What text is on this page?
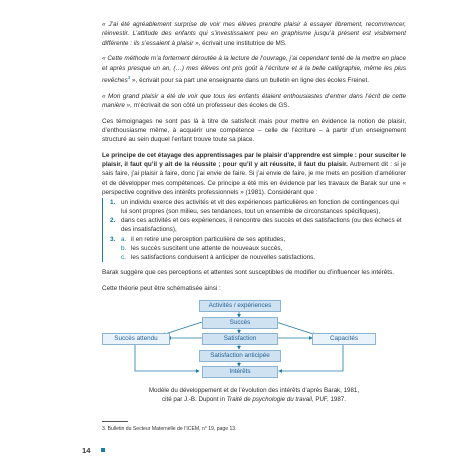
« J’ai été agréablement surprise de voir mes élèves prendre plaisir à essayer librement, recommencer, réinvestir. L’attitude des enfants qui s’investissaient peu en graphisme jusqu’à présent est visiblement différente : ils s’essaient à plaisir », écrivait une institutrice de MS.

« Cette méthode m’a fortement déroutée à la lecture de l’ouvrage, j’ai cependant tenté de la mettre en place et après presque un an, (…) mes élèves ont pris goût à l’écriture et à la belle calligraphie, même les plus revêches$^3$ », écrivait pour sa part une enseignante dans un bulletin en ligne des écoles Freinet.

« Mon grand plaisir a été de voir que tous les enfants étaient enthousiastes d’entrer dans l’écrit de cette manière », m’écrivait de son côté un professeur des écoles de GS.

Ces témoignages ne sont pas là à titre de satisfecit mais pour mettre en évidence la notion de plaisir, d’enthousiasme même, à acquérir une compétence – celle de l’écriture – à partir d’un enseignement structuré au sein duquel l’enfant trouve toute sa place.

Le principe de cet étayage des apprentissages par le plaisir d’apprendre est simple : pour susciter le plaisir, il faut qu’il y ait de la réussite ; pour qu’il y ait réussite, il faut du plaisir. Autrement dit : si je sais faire, j’ai plaisir à faire, donc j’ai envie de faire. Si j’ai envie de faire, je me mets en position d’améliorer et de développer mes compétences. Ce principe a été mis en évidence par les travaux de Barak sur une « perspective cognitive des intérêts professionnels » (1981). Considérant que :

1. un individu exerce des activités et vit des expériences particulières en fonction de contingences qui lui sont propres (son milieu, ses tendances, tout un ensemble de circonstances spécifiques),
2. dans ces activités et ces expériences, il rencontre des succès et des satisfactions (ou des échecs et des insatisfactions),
3. a. il en retire une perception particulière de ses aptitudes,
b. les succès suscitent une attente de nouveaux succès,
c. les satisfactions conduisent à anticiper de nouvelles satisfactions.

Barak suggère que ces perceptions et attentes sont susceptibles de modifier ou d’influencer les intérêts.

Cette théorie peut être schématisée ainsi :

Activités / expériences
Succès
Succès attendu	Satisfaction	Capacités
Satisfaction anticipée
Intérêts
Modèle du développement et de l’évolution des intérêts d’après Barak, 1981,
cité par J.-B. Dupont in Traité de psychologie du travail, PUF, 1987.
3. Bulletin du Secteur Maternelle de l’ICEM, n° 19, page 13.
14
